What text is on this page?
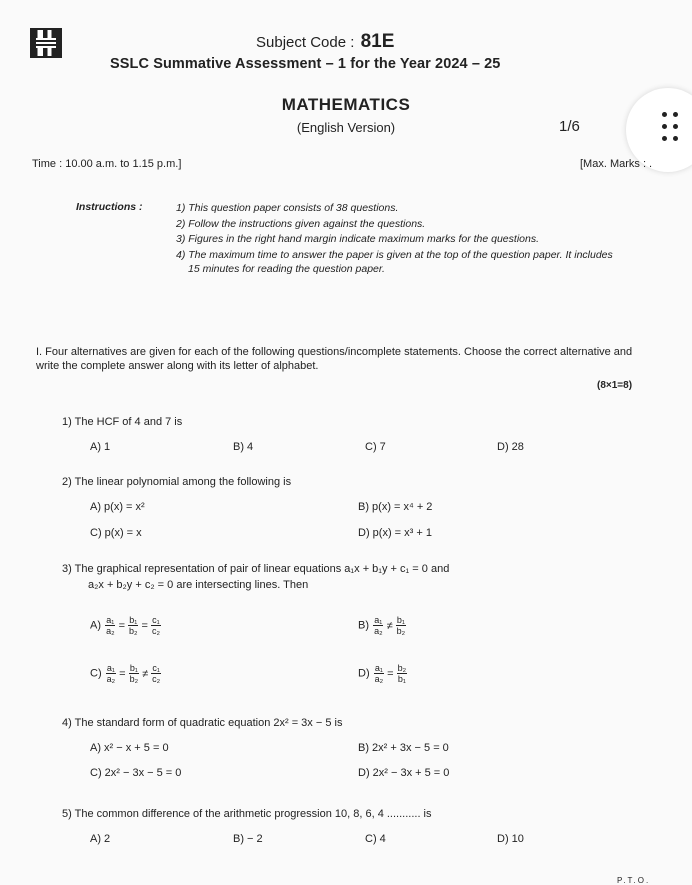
Subject Code : 81E
SSLC Summative Assessment – 1 for the Year 2024 – 25
MATHEMATICS
(English Version)	1/6
Time : 10.00 a.m. to 1.15 p.m.]	[Max. Marks : .
Instructions :	1) This question paper consists of 38 questions.
2) Follow the instructions given against the questions.
3) Figures in the right hand margin indicate maximum marks for the questions.
4) The maximum time to answer the paper is given at the top of the question paper. It includes 15 minutes for reading the question paper.
I. Four alternatives are given for each of the following questions/incomplete statements. Choose the correct alternative and write the complete answer along with its letter of alphabet.
(8×1=8)
1) The HCF of 4 and 7 is
A) 1	B) 4	C) 7	D) 28
2) The linear polynomial among the following is
A) p(x) = x²	B) p(x) = x⁴ + 2
C) p(x) = x	D) p(x) = x³ + 1
3) The graphical representation of pair of linear equations a₁x + b₁y + c₁ = 0 and
a₂x + b₂y + c₂ = 0 are intersecting lines. Then
$A) \frac{\text{a₁}}{\text{a₂}} = \frac{\text{b₁}}{\text{b₂}} = \frac{\text{c₁}}{\text{c₂}}$	$B) \frac{\text{a₁}}{\text{a₂}} \ne \frac{\text{b₁}}{\text{b₂}}$
$C) \frac{\text{a₁}}{\text{a₂}} = \frac{\text{b₁}}{\text{b₂}} \ne \frac{\text{c₁}}{\text{c₂}}$	$D) \frac{\text{a₁}}{\text{a₂}} = \frac{\text{b₂}}{\text{b₁}}$
4) The standard form of quadratic equation 2x² = 3x − 5 is
A) x² − x + 5 = 0	B) 2x² + 3x − 5 = 0
C) 2x² − 3x − 5 = 0	D) 2x² − 3x + 5 = 0
5) The common difference of the arithmetic progression 10, 8, 6, 4 ........... is
A) 2	B) − 2	C) 4	D) 10
P.T.O.
